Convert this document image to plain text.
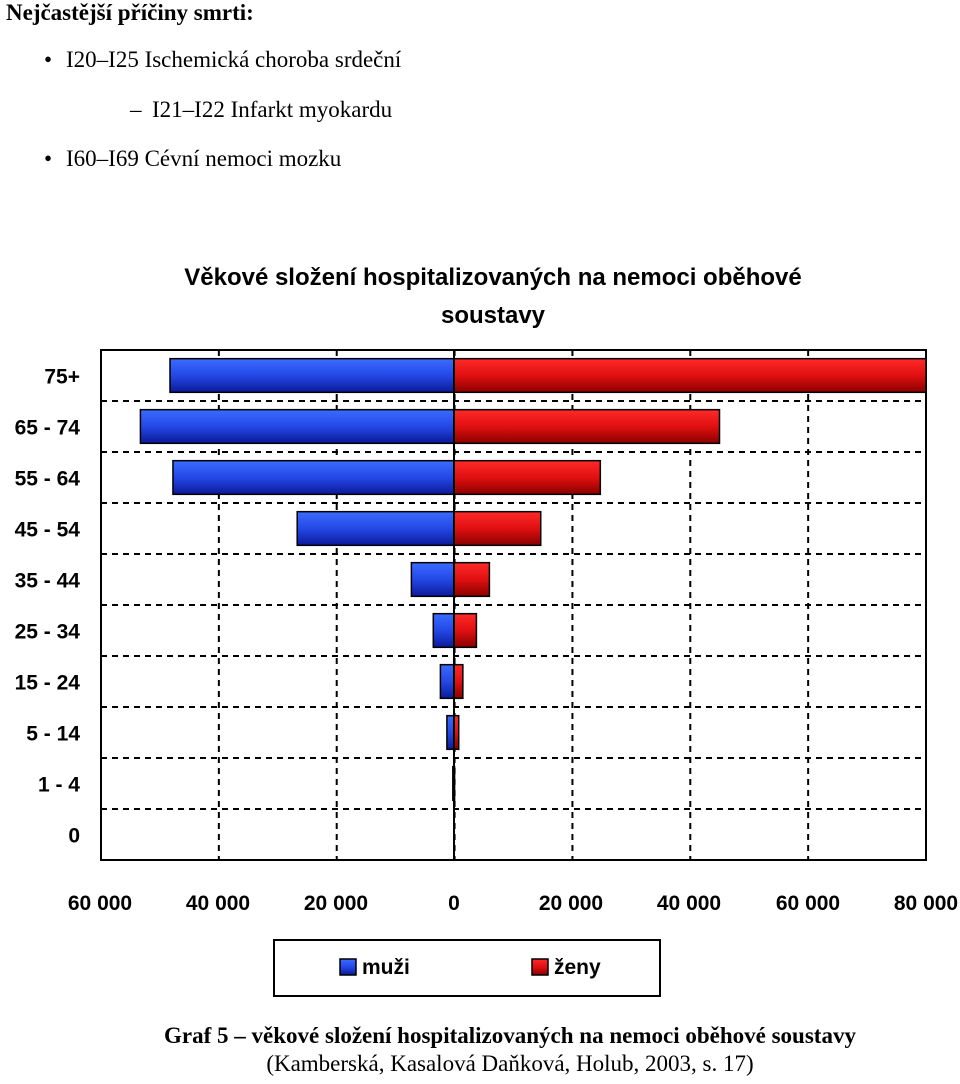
Nejčastější příčiny smrti:
• I20–I25 Ischemická choroba srdeční
– I21–I22 Infarkt myokardu
• I60–I69 Cévní nemoci mozku
Věkové složení hospitalizovaných na nemoci oběhové
soustavy
75+
65 - 74
55 - 64
45 - 54
35 - 44
25 - 34
15 - 24
5 - 14
1 - 4
0
60 000	40 000	20 000	0	20 000	40 000	60 000	80 000
muži	ženy
Graf 5 – věkové složení hospitalizovaných na nemoci oběhové soustavy
(Kamberská, Kasalová Daňková, Holub, 2003, s. 17)
